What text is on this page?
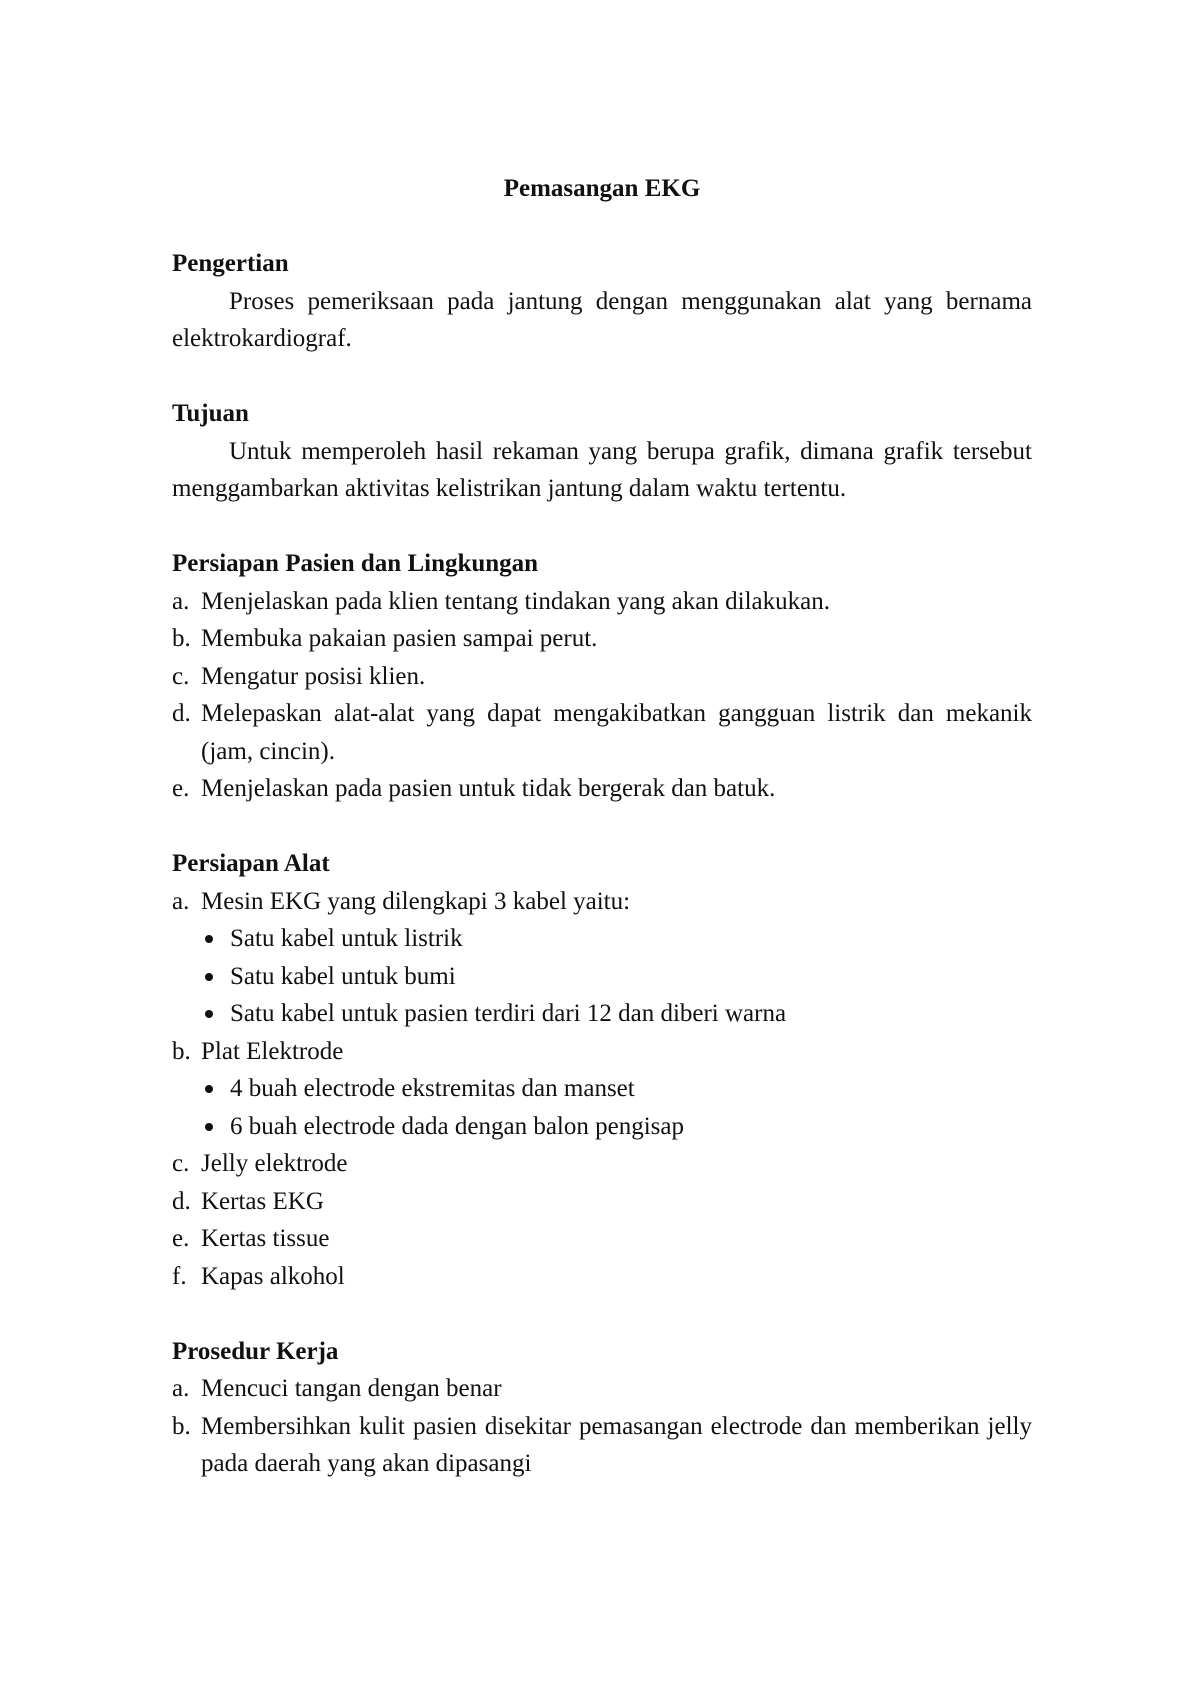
Pemasangan EKG

Pengertian

Proses pemeriksaan pada jantung dengan menggunakan alat yang bernama elektrokardiograf.

Tujuan

Untuk memperoleh hasil rekaman yang berupa grafik, dimana grafik tersebut menggambarkan aktivitas kelistrikan jantung dalam waktu tertentu.

Persiapan Pasien dan Lingkungan

a. Menjelaskan pada klien tentang tindakan yang akan dilakukan.
b. Membuka pakaian pasien sampai perut.
c. Mengatur posisi klien.
d. Melepaskan alat-alat yang dapat mengakibatkan gangguan listrik dan mekanik (jam, cincin).
e. Menjelaskan pada pasien untuk tidak bergerak dan batuk.

Persiapan Alat

a. Mesin EKG yang dilengkapi 3 kabel yaitu:
Satu kabel untuk listrik
Satu kabel untuk bumi
Satu kabel untuk pasien terdiri dari 12 dan diberi warna
b. Plat Elektrode
4 buah electrode ekstremitas dan manset
6 buah electrode dada dengan balon pengisap
c. Jelly elektrode
d. Kertas EKG
e. Kertas tissue
f. Kapas alkohol

Prosedur Kerja

a. Mencuci tangan dengan benar
b. Membersihkan kulit pasien disekitar pemasangan electrode dan memberikan jelly pada daerah yang akan dipasangi
